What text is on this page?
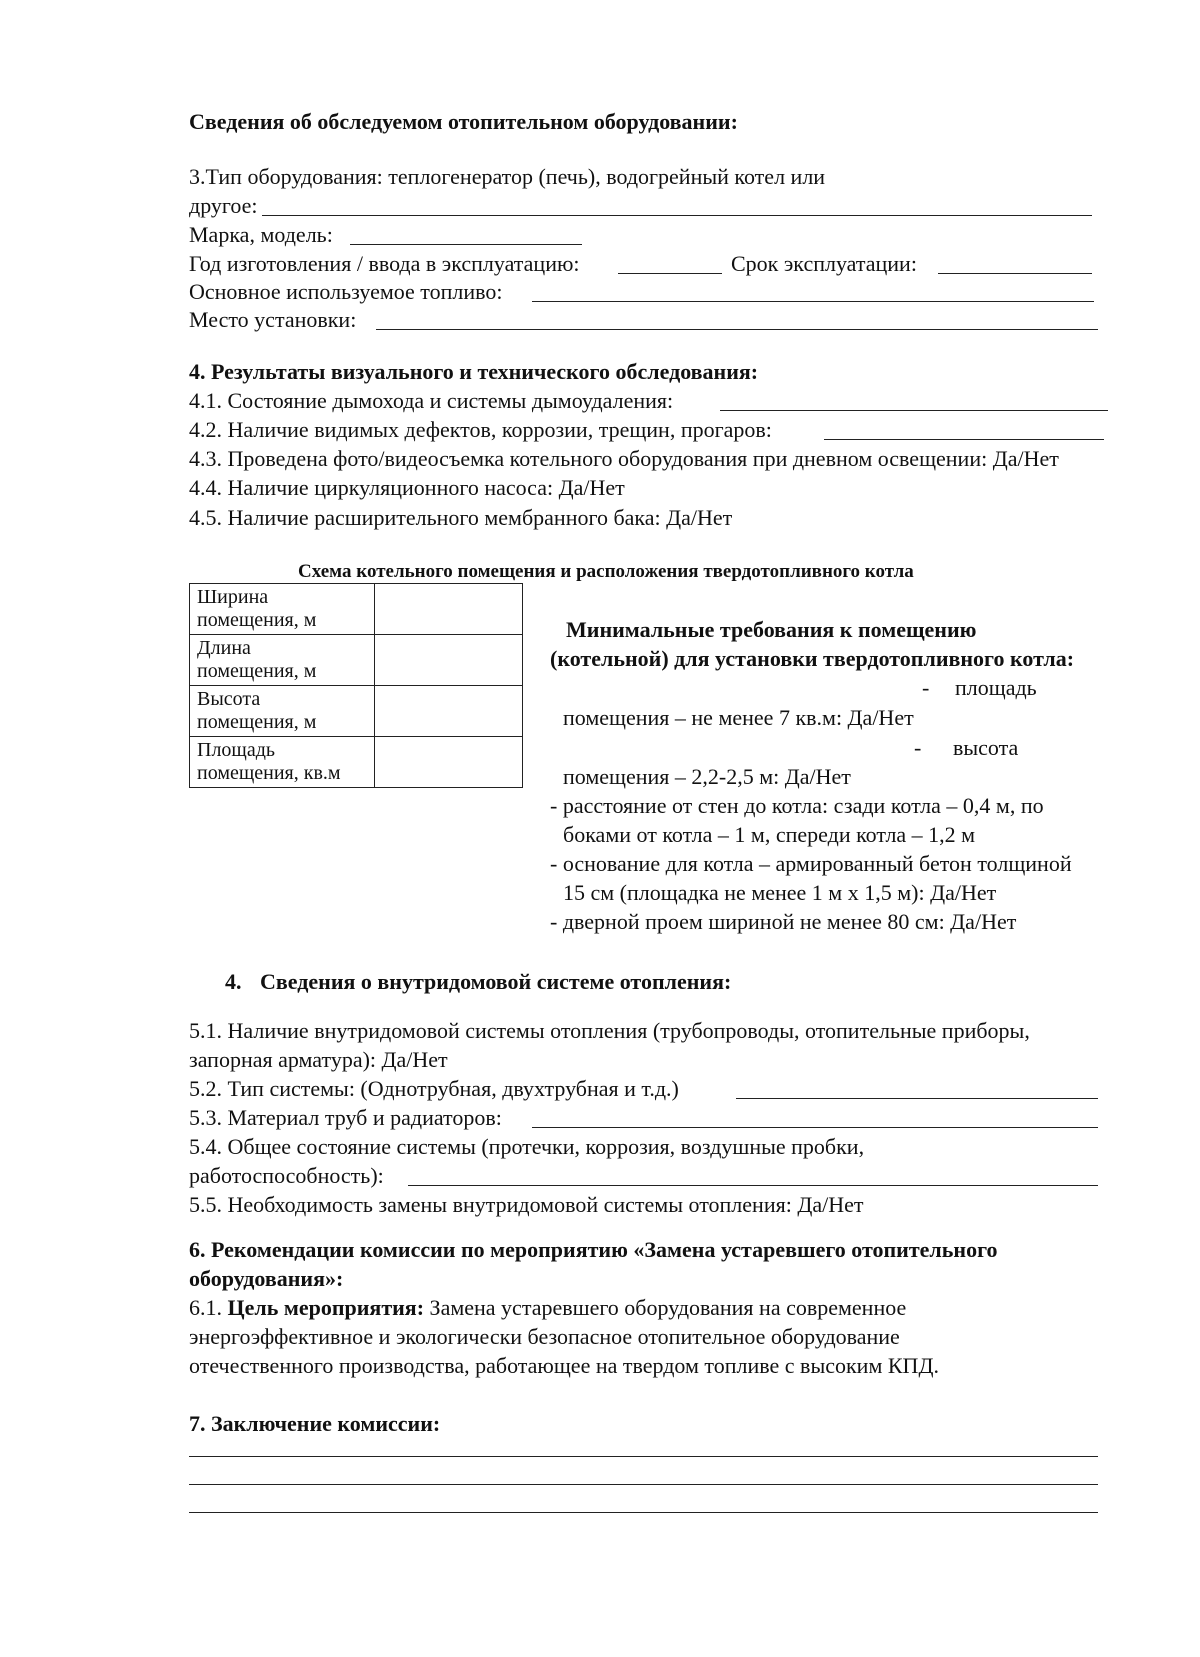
Сведения об обследуемом отопительном оборудовании:
3.Тип оборудования: теплогенератор (печь), водогрейный котел или
другое:
Марка, модель:
Год изготовления / ввода в эксплуатацию:	Срок эксплуатации:
Основное используемое топливо:
Место установки:
4. Результаты визуального и технического обследования:
4.1. Состояние дымохода и системы дымоудаления:
4.2. Наличие видимых дефектов, коррозии, трещин, прогаров:
4.3. Проведена фото/видеосъемка котельного оборудования при дневном освещении: Да/Нет
4.4. Наличие циркуляционного насоса: Да/Нет
4.5. Наличие расширительного мембранного бака: Да/Нет
Схема котельного помещения и расположения твердотопливного котла
Ширина
помещения, м	
Длина
помещения, м	
Высота
помещения, м	
Площадь
помещения, кв.м	
Минимальные требования к помещению
(котельной) для установки твердотопливного котла:
- площадь
помещения – не менее 7 кв.м: Да/Нет
- высота
помещения – 2,2-2,5 м: Да/Нет
- расстояние от стен до котла: сзади котла – 0,4 м, по
боками от котла – 1 м, спереди котла – 1,2 м
- основание для котла – армированный бетон толщиной
15 см (площадка не менее 1 м х 1,5 м): Да/Нет
- дверной проем шириной не менее 80 см: Да/Нет
4. Сведения о внутридомовой системе отопления:
5.1. Наличие внутридомовой системы отопления (трубопроводы, отопительные приборы,
запорная арматура): Да/Нет
5.2. Тип системы: (Однотрубная, двухтрубная и т.д.)
5.3. Материал труб и радиаторов:
5.4. Общее состояние системы (протечки, коррозия, воздушные пробки,
работоспособность):
5.5. Необходимость замены внутридомовой системы отопления: Да/Нет
6. Рекомендации комиссии по мероприятию «Замена устаревшего отопительного
оборудования»:
6.1. Цель мероприятия: Замена устаревшего оборудования на современное
энергоэффективное и экологически безопасное отопительное оборудование
отечественного производства, работающее на твердом топливе с высоким КПД.
7. Заключение комиссии:
